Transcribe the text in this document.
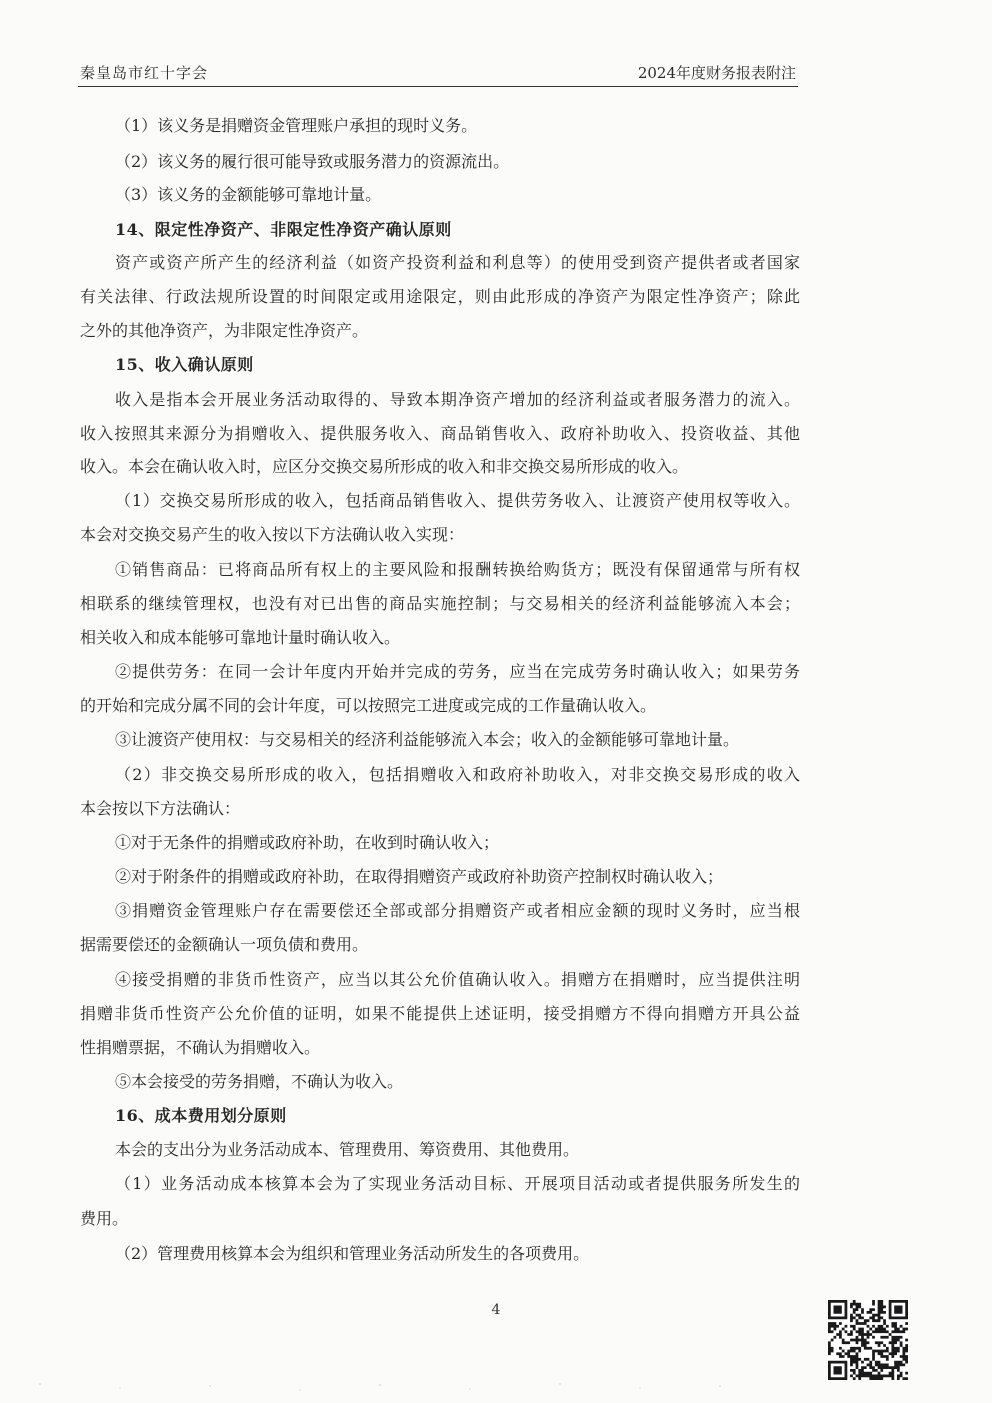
秦皇岛市红十字会	2024年度财务报表附注
（1）该义务是捐赠资金管理账户承担的现时义务。
（2）该义务的履行很可能导致或服务潜力的资源流出。
（3）该义务的金额能够可靠地计量。
14、限定性净资产、非限定性净资产确认原则
资产或资产所产生的经济利益（如资产投资利益和利息等）的使用受到资产提供者或者国家
有关法律、行政法规所设置的时间限定或用途限定，则由此形成的净资产为限定性净资产；除此
之外的其他净资产，为非限定性净资产。
15、收入确认原则
收入是指本会开展业务活动取得的、导致本期净资产增加的经济利益或者服务潜力的流入。
收入按照其来源分为捐赠收入、提供服务收入、商品销售收入、政府补助收入、投资收益、其他
收入。本会在确认收入时，应区分交换交易所形成的收入和非交换交易所形成的收入。
（1）交换交易所形成的收入，包括商品销售收入、提供劳务收入、让渡资产使用权等收入。
本会对交换交易产生的收入按以下方法确认收入实现：
①销售商品：已将商品所有权上的主要风险和报酬转换给购货方；既没有保留通常与所有权
相联系的继续管理权，也没有对已出售的商品实施控制；与交易相关的经济利益能够流入本会；
相关收入和成本能够可靠地计量时确认收入。
②提供劳务：在同一会计年度内开始并完成的劳务，应当在完成劳务时确认收入；如果劳务
的开始和完成分属不同的会计年度，可以按照完工进度或完成的工作量确认收入。
③让渡资产使用权：与交易相关的经济利益能够流入本会；收入的金额能够可靠地计量。
（2）非交换交易所形成的收入，包括捐赠收入和政府补助收入，对非交换交易形成的收入
本会按以下方法确认：
①对于无条件的捐赠或政府补助，在收到时确认收入；
②对于附条件的捐赠或政府补助，在取得捐赠资产或政府补助资产控制权时确认收入；
③捐赠资金管理账户存在需要偿还全部或部分捐赠资产或者相应金额的现时义务时，应当根
据需要偿还的金额确认一项负债和费用。
④接受捐赠的非货币性资产，应当以其公允价值确认收入。捐赠方在捐赠时，应当提供注明
捐赠非货币性资产公允价值的证明，如果不能提供上述证明，接受捐赠方不得向捐赠方开具公益
性捐赠票据，不确认为捐赠收入。
⑤本会接受的劳务捐赠，不确认为收入。
16、成本费用划分原则
本会的支出分为业务活动成本、管理费用、筹资费用、其他费用。
（1）业务活动成本核算本会为了实现业务活动目标、开展项目活动或者提供服务所发生的
费用。
（2）管理费用核算本会为组织和管理业务活动所发生的各项费用。
4
